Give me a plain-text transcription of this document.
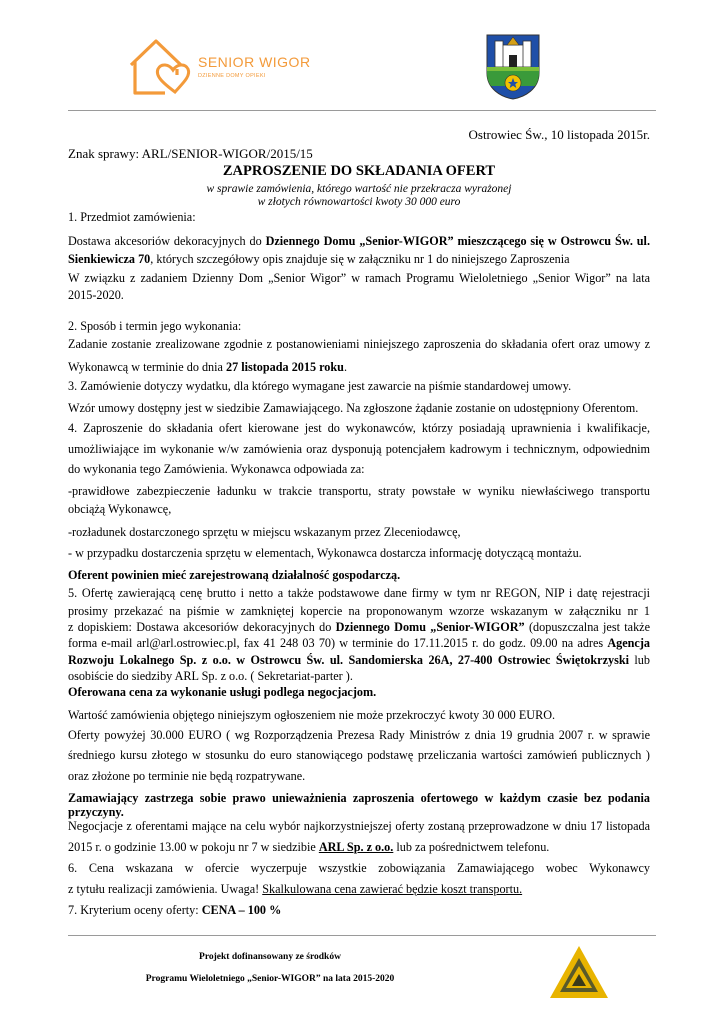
SENIOR WIGOR
DZIENNE DOMY OPIEKI
Ostrowiec Św., 10 listopada 2015r.
Znak sprawy: ARL/SENIOR-WIGOR/2015/15
ZAPROSZENIE DO SKŁADANIA OFERT
w sprawie zamówienia, którego wartość nie przekracza wyrażonej
w złotych równowartości kwoty 30 000 euro
1. Przedmiot zamówienia:
Dostawa akcesoriów dekoracyjnych do Dziennego Domu „Senior-WIGOR” mieszczącego się w Ostrowcu Św. ul.
Sienkiewicza 70, których szczegółowy opis znajduje się w załączniku nr 1 do niniejszego Zaproszenia
W związku z zadaniem Dzienny Dom „Senior Wigor” w ramach Programu Wieloletniego „Senior Wigor” na lata
2015-2020.
2. Sposób i termin jego wykonania:
Zadanie zostanie zrealizowane zgodnie z postanowieniami niniejszego zaproszenia do składania ofert oraz umowy z
Wykonawcą w terminie do dnia 27 listopada 2015 roku.
3. Zamówienie dotyczy wydatku, dla którego wymagane jest zawarcie na piśmie standardowej umowy.
Wzór umowy dostępny jest w siedzibie Zamawiającego. Na zgłoszone żądanie zostanie on udostępniony Oferentom.
4. Zaproszenie do składania ofert kierowane jest do wykonawców, którzy posiadają uprawnienia i kwalifikacje,
umożliwiające im wykonanie w/w zamówienia oraz dysponują potencjałem kadrowym i technicznym, odpowiednim
do wykonania tego Zamówienia. Wykonawca odpowiada za:
-prawidłowe zabezpieczenie ładunku w trakcie transportu, straty powstałe w wyniku niewłaściwego transportu
obciążą Wykonawcę,
-rozładunek dostarczonego sprzętu w miejscu wskazanym przez Zleceniodawcę,
- w przypadku dostarczenia sprzętu w elementach, Wykonawca dostarcza informację dotyczącą montażu.
Oferent powinien mieć zarejestrowaną działalność gospodarczą.
5. Ofertę zawierającą cenę brutto i netto a także podstawowe dane firmy w tym nr REGON, NIP i datę rejestracji
prosimy przekazać na piśmie w zamkniętej kopercie na proponowanym wzorze wskazanym w załączniku nr 1
z dopiskiem: Dostawa akcesoriów dekoracyjnych do Dziennego Domu „Senior-WIGOR” (dopuszczalna jest także
forma e-mail arl@arl.ostrowiec.pl, fax 41 248 03 70) w terminie do 17.11.2015 r. do godz. 09.00 na adres Agencja
Rozwoju Lokalnego Sp. z o.o. w Ostrowcu Św. ul. Sandomierska 26A, 27-400 Ostrowiec Świętokrzyski lub
osobiście do siedziby ARL Sp. z o.o. ( Sekretariat-parter ).
Oferowana cena za wykonanie usługi podlega negocjacjom.
Wartość zamówienia objętego niniejszym ogłoszeniem nie może przekroczyć kwoty 30 000 EURO.
Oferty powyżej 30.000 EURO ( wg Rozporządzenia Prezesa Rady Ministrów z dnia 19 grudnia 2007 r. w sprawie
średniego kursu złotego w stosunku do euro stanowiącego podstawę przeliczania wartości zamówień publicznych )
oraz złożone po terminie nie będą rozpatrywane.
Zamawiający zastrzega sobie prawo unieważnienia zaproszenia ofertowego w każdym czasie bez podania
przyczyny.
Negocjacje z oferentami mające na celu wybór najkorzystniejszej oferty zostaną przeprowadzone w dniu 17 listopada
2015 r. o godzinie 13.00 w pokoju nr 7 w siedzibie ARL Sp. z o.o. lub za pośrednictwem telefonu.
6. Cena wskazana w ofercie wyczerpuje wszystkie zobowiązania Zamawiającego wobec Wykonawcy
z tytułu realizacji zamówienia. Uwaga! Skalkulowana cena zawierać będzie koszt transportu.
7. Kryterium oceny oferty: CENA – 100 %
Projekt dofinansowany ze środków
Programu Wieloletniego „Senior-WIGOR” na lata 2015-2020
